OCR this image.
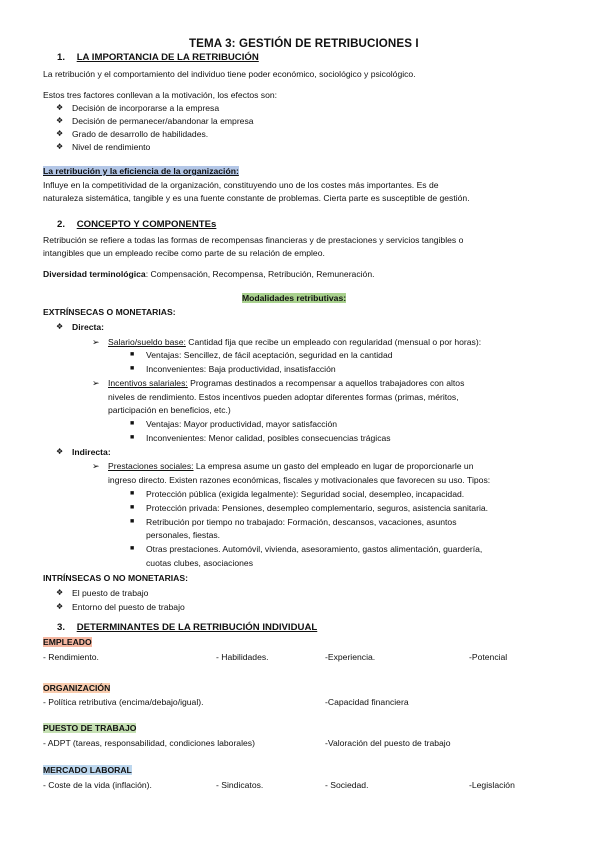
TEMA 3: GESTIÓN DE RETRIBUCIONES I
1. LA IMPORTANCIA DE LA RETRIBUCIÓN
La retribución y el comportamiento del individuo tiene poder económico, sociológico y psicológico.
Estos tres factores conllevan a la motivación, los efectos son:
❖ Decisión de incorporarse a la empresa
❖ Decisión de permanecer/abandonar la empresa
❖ Grado de desarrollo de habilidades.
❖ Nivel de rendimiento
La retribución y la eficiencia de la organización:
Influye en la competitividad de la organización, constituyendo uno de los costes más importantes. Es de
naturaleza sistemática, tangible y es una fuente constante de problemas. Cierta parte es susceptible de gestión.
2. CONCEPTO Y COMPONENTEs
Retribución se refiere a todas las formas de recompensas financieras y de prestaciones y servicios tangibles o
intangibles que un empleado recibe como parte de su relación de empleo.
Diversidad terminológica: Compensación, Recompensa, Retribución, Remuneración.
Modalidades retributivas:
EXTRÍNSECAS O MONETARIAS:
❖ Directa:
➢ Salario/sueldo base: Cantidad fija que recibe un empleado con regularidad (mensual o por horas):
■ Ventajas: Sencillez, de fácil aceptación, seguridad en la cantidad
■ Inconvenientes: Baja productividad, insatisfacción
➢ Incentivos salariales: Programas destinados a recompensar a aquellos trabajadores con altos
niveles de rendimiento. Estos incentivos pueden adoptar diferentes formas (primas, méritos,
participación en beneficios, etc.)
■ Ventajas: Mayor productividad, mayor satisfacción
■ Inconvenientes: Menor calidad, posibles consecuencias trágicas
❖ Indirecta:
➢ Prestaciones sociales: La empresa asume un gasto del empleado en lugar de proporcionarle un
ingreso directo. Existen razones económicas, fiscales y motivacionales que favorecen su uso. Tipos:
■ Protección pública (exigida legalmente): Seguridad social, desempleo, incapacidad.
■ Protección privada: Pensiones, desempleo complementario, seguros, asistencia sanitaria.
■ Retribución por tiempo no trabajado: Formación, descansos, vacaciones, asuntos
personales, fiestas.
■ Otras prestaciones. Automóvil, vivienda, asesoramiento, gastos alimentación, guardería,
cuotas clubes, asociaciones
INTRÍNSECAS O NO MONETARIAS:
❖ El puesto de trabajo
❖ Entorno del puesto de trabajo
3. DETERMINANTES DE LA RETRIBUCIÓN INDIVIDUAL
EMPLEADO
- Rendimiento.	- Habilidades.	-Experiencia.	-Potencial
ORGANIZACIÓN
- Política retributiva (encima/debajo/igual).	-Capacidad financiera
PUESTO DE TRABAJO
- ADPT (tareas, responsabilidad, condiciones laborales)	-Valoración del puesto de trabajo
MERCADO LABORAL
- Coste de la vida (inflación).	- Sindicatos.	- Sociedad.	-Legislación
